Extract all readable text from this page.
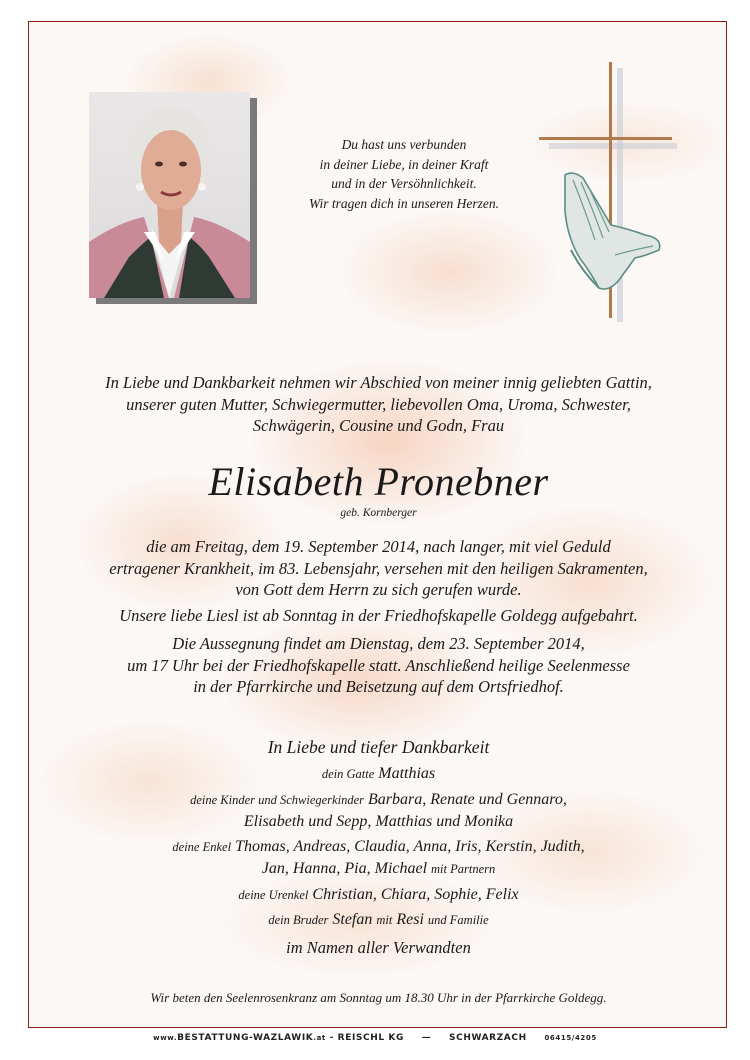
Du hast uns verbunden
in deiner Liebe, in deiner Kraft
und in der Versöhnlichkeit.
Wir tragen dich in unseren Herzen.
In Liebe und Dankbarkeit nehmen wir Abschied von meiner innig geliebten Gattin,
unserer guten Mutter, Schwiegermutter, liebevollen Oma, Uroma, Schwester,
Schwägerin, Cousine und Godn, Frau
Elisabeth Pronebner
geb. Kornberger
die am Freitag, dem 19. September 2014, nach langer, mit viel Geduld
ertragener Krankheit, im 83. Lebensjahr, versehen mit den heiligen Sakramenten,
von Gott dem Herrn zu sich gerufen wurde.
Unsere liebe Liesl ist ab Sonntag in der Friedhofskapelle Goldegg aufgebahrt.
Die Aussegnung findet am Dienstag, dem 23. September 2014,
um 17 Uhr bei der Friedhofskapelle statt. Anschließend heilige Seelenmesse
in der Pfarrkirche und Beisetzung auf dem Ortsfriedhof.
In Liebe und tiefer Dankbarkeit
dein Gatte Matthias
deine Kinder und Schwiegerkinder Barbara, Renate und Gennaro,
Elisabeth und Sepp, Matthias und Monika
deine Enkel Thomas, Andreas, Claudia, Anna, Iris, Kerstin, Judith,
Jan, Hanna, Pia, Michael mit Partnern
deine Urenkel Christian, Chiara, Sophie, Felix
dein Bruder Stefan mit Resi und Familie
im Namen aller Verwandten
Wir beten den Seelenrosenkranz am Sonntag um 18.30 Uhr in der Pfarrkirche Goldegg.
www.BESTATTUNG-WAZLAWIK.at - REISCHL KG — SCHWARZACH	06415/4205
